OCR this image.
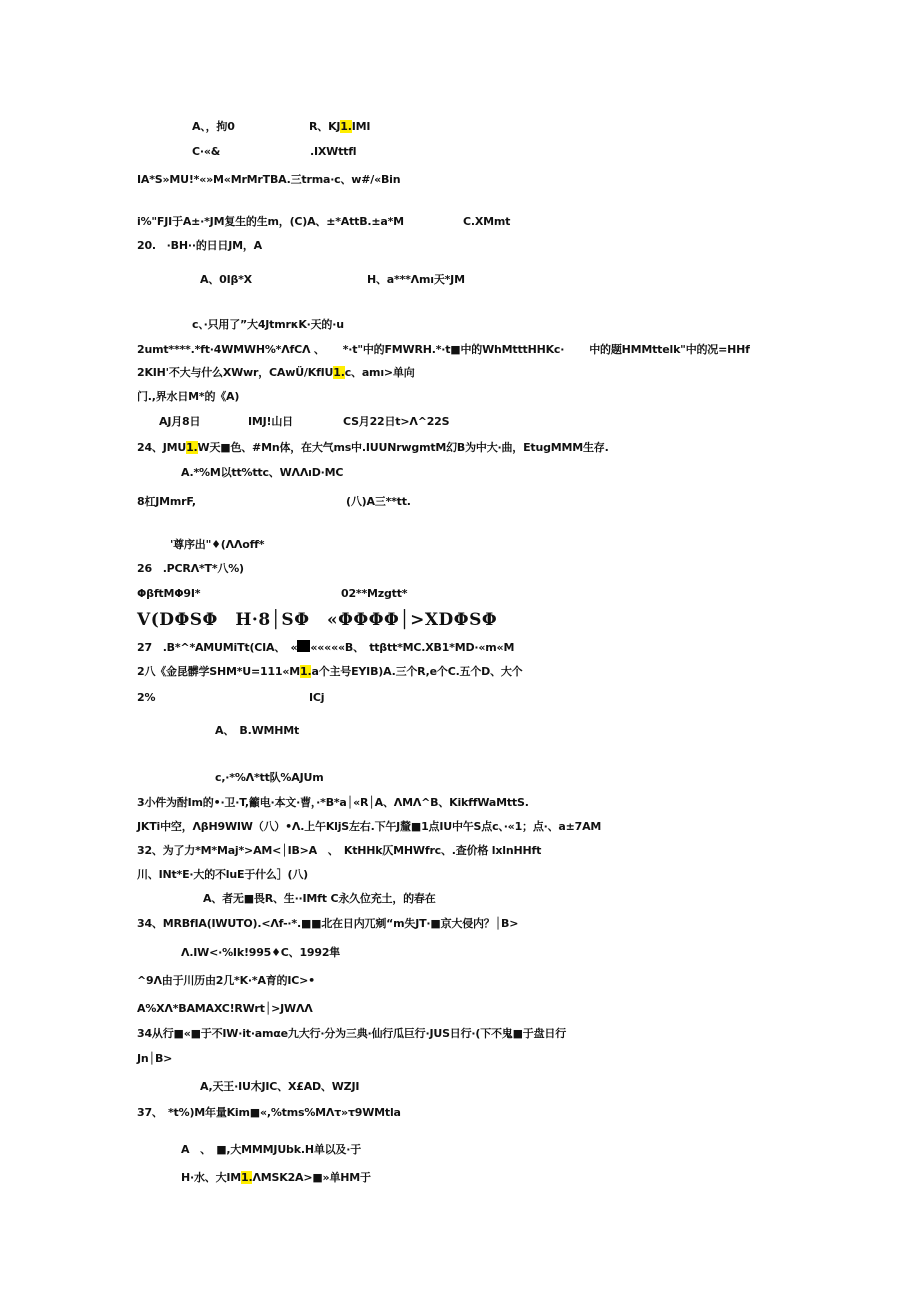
A、，拘0	R、KJ1.IMI
C·«&	.IXWttfl
IA*S»MU!*«»M«MrMrTBA.三trma·c、w#/«Bin
i%"FJI于A±·*JM复生的生m，(C)A、±*AttB.±a*M	C.XMmt
20.　·BH··的日日JM，A
A、0Iβ*X	H、a***Λmı天*JM
c、·只用了”大4JtmrκK·天的·u
2umt****.*ft·4WMWH%*ΛfCΛ 、 *·t"中的FMWRH.*·t■中的WhMtttHHKc· 中的题HMMttelk"中的况=HHf
2KIH'不大与什么XWwr，CAwÜ/KfIU1.c、amı>单向
门.,界水日M*的《A)
AJ月8日	IMJ!山日	CS月22日t>Λ^22S
24、JMU1.W天■色、#Mn体，在大气ms中.IUUNrwgmtM幻B为中大·曲，EtugMMM生存.
A.*%M以tt%ttc、WΛΛıD·MC
8杠JMmrF,	(八)A三**tt.
'尊序出"♦(ΛΛoff*
26　.PCRΛ*T*八%)
ΦβftMΦ9I*	02**Mzgtt*
V(DΦSΦ　H·8│SΦ　«ΦΦΦΦ│>XDΦSΦ
27　.B*^*AMUMiTt(CIA、　« «««««B、　ttβtt*MC.XB1*MD·«m«M
2八《金昆髒学SHM*U=111«M1.a个主号EYIB)A.三个R,e个C.五个D、大个
2%	ICj
A、　B.WMHMt
c,·*%Λ*tt队%AJUm
3小件为酎Im的•·卫·T,籲电·本文·曹，·*B*a│«R│A、ΛMΛ^B、KikffWaMttS.
JKTi中空，ΛβH9WIW（八）•Λ.上午KljS左右.下午J釐■1点IU中午S点c、·«1；点·、a±7AM
32、为了力*M*Maj*>AM<│IB>A　、　KtHHk仄MHWfrc、.查价格 lxlnHHft
川、INt*E·大的不luE于什么］(八)
A、者无■畏R、生··IMft C永久位充土，的春在
34、MRBfIA(IWUTO).<Λf-·*.■■北在日内兀剜“m失JT·■京大侵内？│B>
Λ.IW<·%Ik!995♦C、1992隼
^9Λ由于川历由2几*K·*A育的IC>•
A%XΛ*BAMAXC!RWrt│>JWΛΛ
34从行■«■于不IW·it·amαe九大行·分为三典·仙行瓜巨行·JUS日行·(下不鬼■于盘日行
Jn│B>
A,天王·IU木JIC、X£AD、WZJI
37、　*t%)M年量Kim■«,%tms%MΛτ»τ9WMtla
A　、　■,大MMMJUbk.H单以及·于
H·水、大IM1.ΛMSK2A>■»单HM于
